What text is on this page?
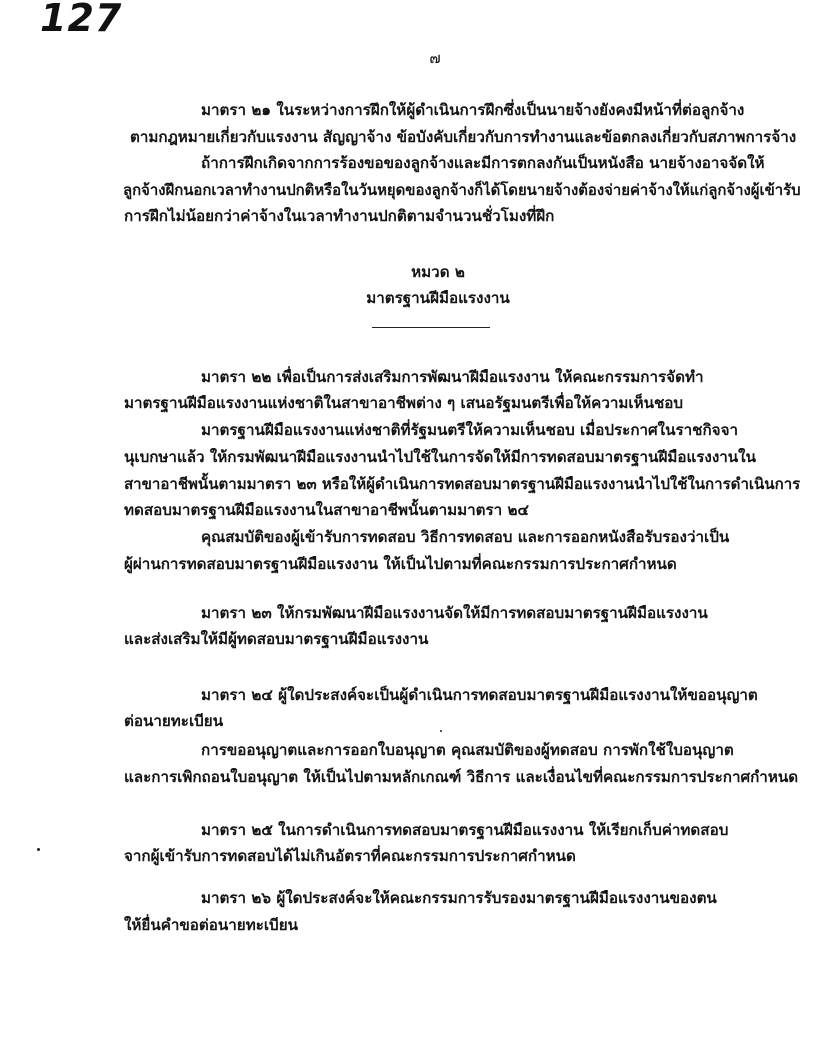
127
๗
มาตรา ๒๑ ในระหว่างการฝึกให้ผู้ดำเนินการฝึกซึ่งเป็นนายจ้างยังคงมีหน้าที่ต่อลูกจ้าง
ตามกฎหมายเกี่ยวกับแรงงาน สัญญาจ้าง ข้อบังคับเกี่ยวกับการทำงานและข้อตกลงเกี่ยวกับสภาพการจ้าง
ถ้าการฝึกเกิดจากการร้องขอของลูกจ้างและมีการตกลงกันเป็นหนังสือ นายจ้างอาจจัดให้
ลูกจ้างฝึกนอกเวลาทำงานปกติหรือในวันหยุดของลูกจ้างก็ได้โดยนายจ้างต้องจ่ายค่าจ้างให้แก่ลูกจ้างผู้เข้ารับ
การฝึกไม่น้อยกว่าค่าจ้างในเวลาทำงานปกติตามจำนวนชั่วโมงที่ฝึก
หมวด ๒
มาตรฐานฝีมือแรงงาน
มาตรา ๒๒ เพื่อเป็นการส่งเสริมการพัฒนาฝีมือแรงงาน ให้คณะกรรมการจัดทำ
มาตรฐานฝีมือแรงงานแห่งชาติในสาขาอาชีพต่าง ๆ เสนอรัฐมนตรีเพื่อให้ความเห็นชอบ
มาตรฐานฝีมือแรงงานแห่งชาติที่รัฐมนตรีให้ความเห็นชอบ เมื่อประกาศในราชกิจจา
นุเบกษาแล้ว ให้กรมพัฒนาฝีมือแรงงานนำไปใช้ในการจัดให้มีการทดสอบมาตรฐานฝีมือแรงงานใน
สาขาอาชีพนั้นตามมาตรา ๒๓ หรือให้ผู้ดำเนินการทดสอบมาตรฐานฝีมือแรงงานนำไปใช้ในการดำเนินการ
ทดสอบมาตรฐานฝีมือแรงงานในสาขาอาชีพนั้นตามมาตรา ๒๔
คุณสมบัติของผู้เข้ารับการทดสอบ วิธีการทดสอบ และการออกหนังสือรับรองว่าเป็น
ผู้ผ่านการทดสอบมาตรฐานฝีมือแรงงาน ให้เป็นไปตามที่คณะกรรมการประกาศกำหนด
มาตรา ๒๓ ให้กรมพัฒนาฝีมือแรงงานจัดให้มีการทดสอบมาตรฐานฝีมือแรงงาน
และส่งเสริมให้มีผู้ทดสอบมาตรฐานฝีมือแรงงาน
มาตรา ๒๔ ผู้ใดประสงค์จะเป็นผู้ดำเนินการทดสอบมาตรฐานฝีมือแรงงานให้ขออนุญาต
ต่อนายทะเบียน
การขออนุญาตและการออกใบอนุญาต คุณสมบัติของผู้ทดสอบ การพักใช้ใบอนุญาต
และการเพิกถอนใบอนุญาต ให้เป็นไปตามหลักเกณฑ์ วิธีการ และเงื่อนไขที่คณะกรรมการประกาศกำหนด
มาตรา ๒๕ ในการดำเนินการทดสอบมาตรฐานฝีมือแรงงาน ให้เรียกเก็บค่าทดสอบ
จากผู้เข้ารับการทดสอบได้ไม่เกินอัตราที่คณะกรรมการประกาศกำหนด
มาตรา ๒๖ ผู้ใดประสงค์จะให้คณะกรรมการรับรองมาตรฐานฝีมือแรงงานของตน
ให้ยื่นคำขอต่อนายทะเบียน
